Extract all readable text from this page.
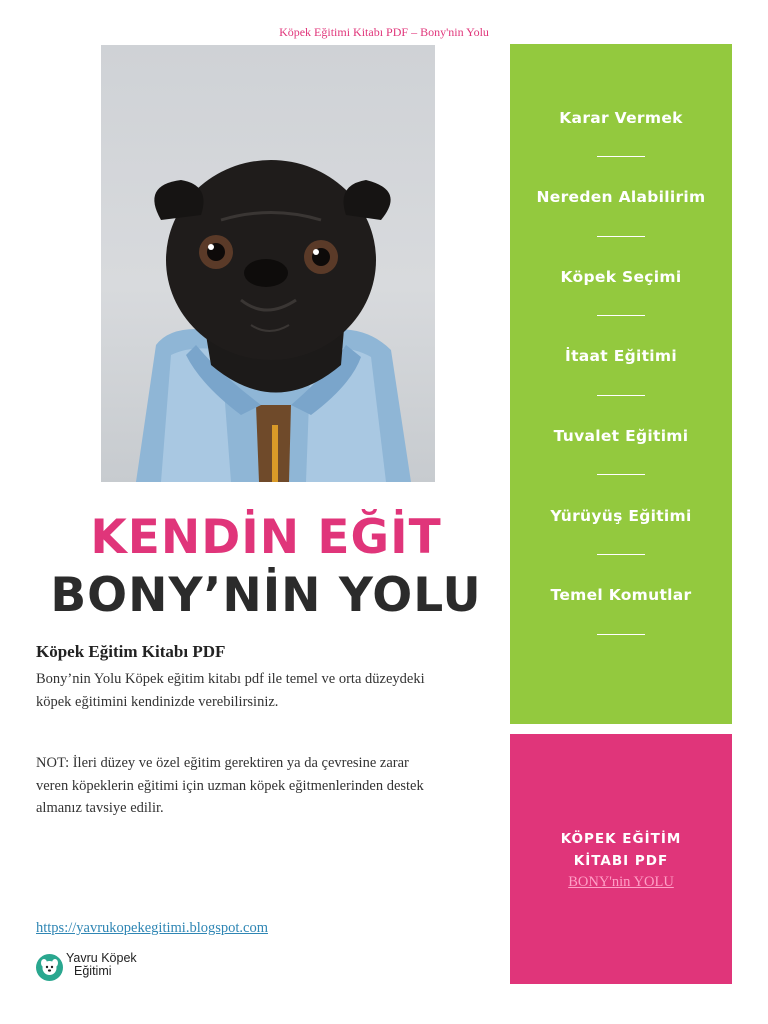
Köpek Eğitimi Kitabı PDF – Bony'nin Yolu
KENDİN EĞİT
BONY’NİN YOLU
Köpek Eğitim Kitabı PDF
Bony’nin Yolu Köpek eğitim kitabı pdf ile temel ve orta düzeydeki
köpek eğitimini kendinizde verebilirsiniz.
NOT: İleri düzey ve özel eğitim gerektiren ya da çevresine zarar
veren köpeklerin eğitimi için uzman köpek eğitmenlerinden destek
almanız tavsiye edilir.
https://yavrukopekegitimi.blogspot.com
Yavru Köpek
Eğitimi
Karar Vermek
Nereden Alabilirim
Köpek Seçimi
İtaat Eğitimi
Tuvalet Eğitimi
Yürüyüş Eğitimi
Temel Komutlar
KÖPEK EĞİTİM
KİTABI PDF
BONY'nin YOLU
